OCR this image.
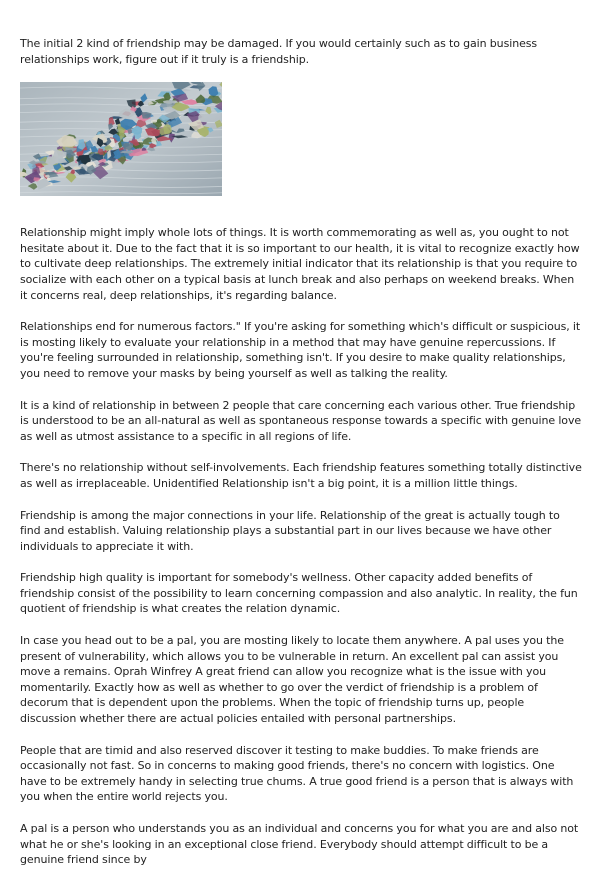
The initial 2 kind of friendship may be damaged. If you would certainly such as to gain business relationships work, figure out if it truly is a friendship.

Relationship might imply whole lots of things. It is worth commemorating as well as, you ought to not hesitate about it. Due to the fact that it is so important to our health, it is vital to recognize exactly how to cultivate deep relationships. The extremely initial indicator that its relationship is that you require to socialize with each other on a typical basis at lunch break and also perhaps on weekend breaks. When it concerns real, deep relationships, it's regarding balance.

Relationships end for numerous factors." If you're asking for something which's difficult or suspicious, it is mosting likely to evaluate your relationship in a method that may have genuine repercussions. If you're feeling surrounded in relationship, something isn't. If you desire to make quality relationships, you need to remove your masks by being yourself as well as talking the reality.

It is a kind of relationship in between 2 people that care concerning each various other. True friendship is understood to be an all-natural as well as spontaneous response towards a specific with genuine love as well as utmost assistance to a specific in all regions of life.

There's no relationship without self-involvements. Each friendship features something totally distinctive as well as irreplaceable. Unidentified Relationship isn't a big point, it is a million little things.

Friendship is among the major connections in your life. Relationship of the great is actually tough to find and establish. Valuing relationship plays a substantial part in our lives because we have other individuals to appreciate it with.

Friendship high quality is important for somebody's wellness. Other capacity added benefits of friendship consist of the possibility to learn concerning compassion and also analytic. In reality, the fun quotient of friendship is what creates the relation dynamic.

In case you head out to be a pal, you are mosting likely to locate them anywhere. A pal uses you the present of vulnerability, which allows you to be vulnerable in return. An excellent pal can assist you move a remains. Oprah Winfrey A great friend can allow you recognize what is the issue with you momentarily. Exactly how as well as whether to go over the verdict of friendship is a problem of decorum that is dependent upon the problems. When the topic of friendship turns up, people discussion whether there are actual policies entailed with personal partnerships.

People that are timid and also reserved discover it testing to make buddies. To make friends are occasionally not fast. So in concerns to making good friends, there's no concern with logistics. One have to be extremely handy in selecting true chums. A true good friend is a person that is always with you when the entire world rejects you.

A pal is a person who understands you as an individual and concerns you for what you are and also not what he or she's looking in an exceptional close friend. Everybody should attempt difficult to be a genuine friend since by
